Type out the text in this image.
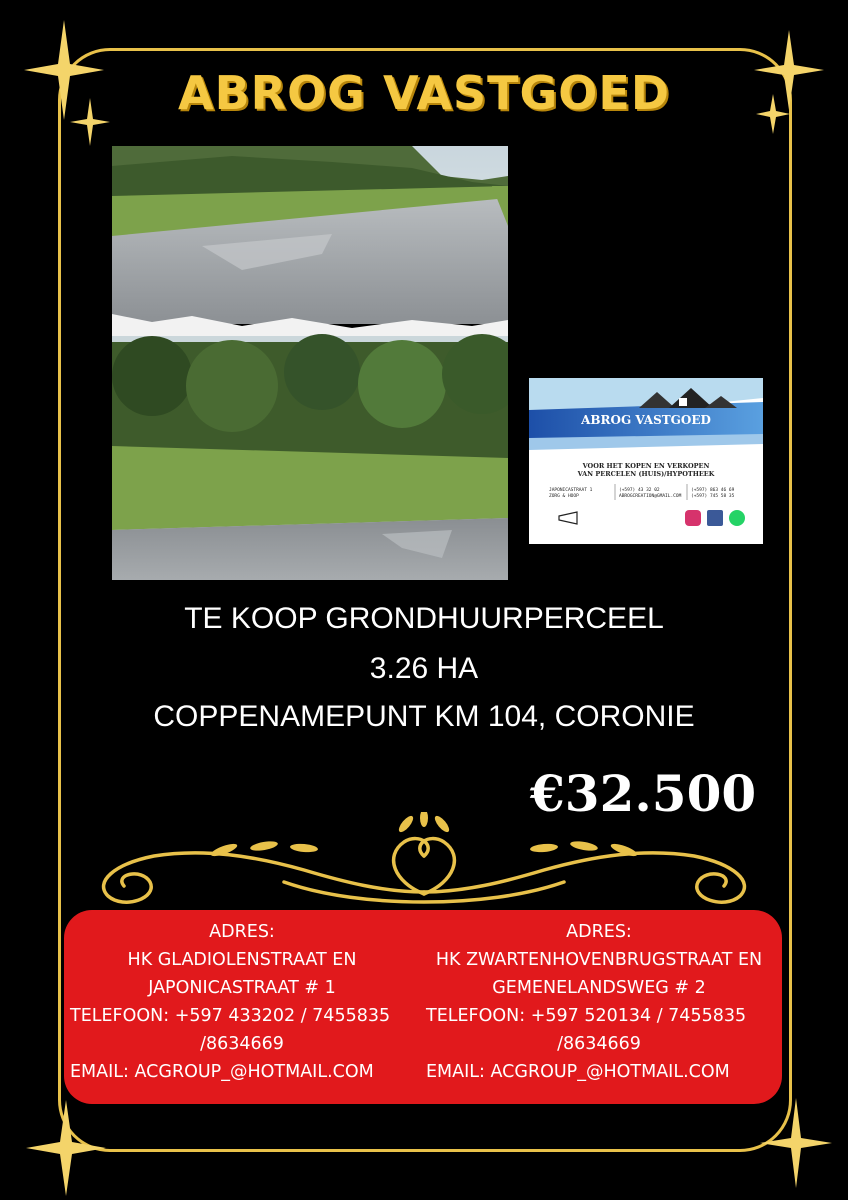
ABROG VASTGOED
ABROG VASTGOED
VOOR HET KOPEN EN VERKOPEN
VAN PERCELEN (HUIS)/HYPOTHEEK
JAPONICASTRAAT 1
ZORG & HOOP
(+597) 43 32 02
ABROGCREATION@GMAIL.COM
(+597) 863 46 69
(+597) 745 58 35
TE KOOP GRONDHUURPERCEEL
3.26 HA
COPPENAMEPUNT KM 104, CORONIE
€32.500
ADRES:
HK GLADIOLENSTRAAT EN
JAPONICASTRAAT # 1
TELEFOON: +597 433202 / 7455835
/8634669
EMAIL: ACGROUP_@HOTMAIL.COM
ADRES:
HK ZWARTENHOVENBRUGSTRAAT EN
GEMENELANDSWEG # 2
TELEFOON: +597 520134 / 7455835
/8634669
EMAIL: ACGROUP_@HOTMAIL.COM
